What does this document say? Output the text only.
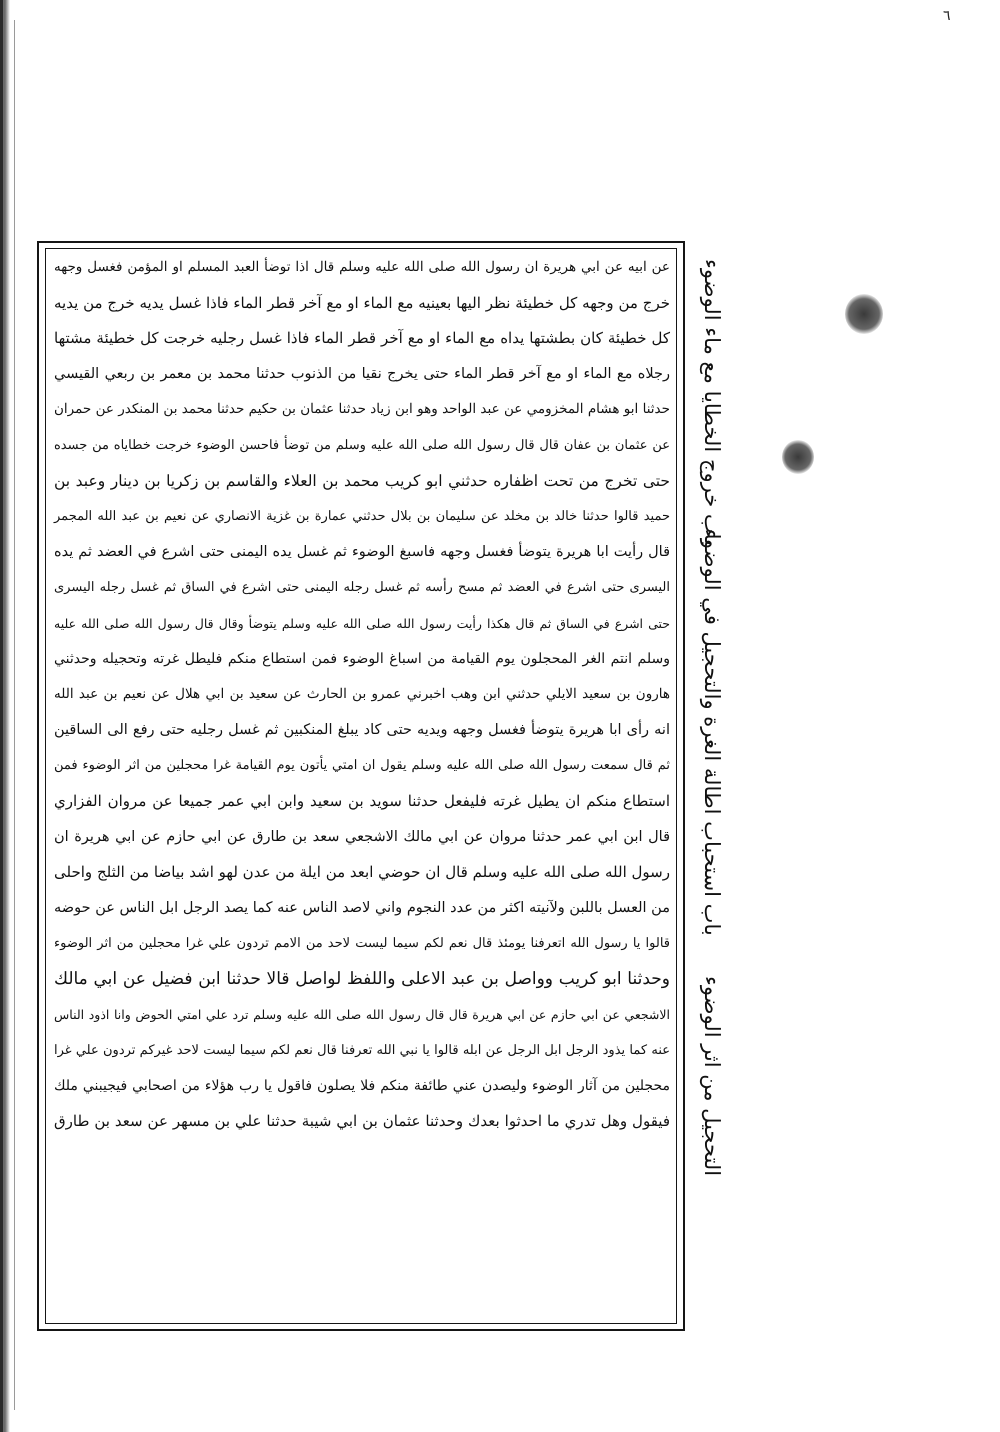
٦
عن ابيه عن ابي هريرة ان رسول الله صلى الله عليه وسلم قال اذا توضأ العبد المسلم او المؤمن فغسل وجهه
خرج من وجهه كل خطيئة نظر اليها بعينيه مع الماء او مع آخر قطر الماء فاذا غسل يديه خرج من يديه
كل خطيئة كان بطشتها يداه مع الماء او مع آخر قطر الماء فاذا غسل رجليه خرجت كل خطيئة مشتها
رجلاه مع الماء او مع آخر قطر الماء حتى يخرج نقيا من الذنوب حدثنا محمد بن معمر بن ربعي القيسي
حدثنا ابو هشام المخزومي عن عبد الواحد وهو ابن زياد حدثنا عثمان بن حكيم حدثنا محمد بن المنكدر عن حمران
عن عثمان بن عفان قال قال رسول الله صلى الله عليه وسلم من توضأ فاحسن الوضوء خرجت خطاياه من جسده
حتى تخرج من تحت اظفاره حدثني ابو كريب محمد بن العلاء والقاسم بن زكريا بن دينار وعبد بن
حميد قالوا حدثنا خالد بن مخلد عن سليمان بن بلال حدثني عمارة بن غزية الانصاري عن نعيم بن عبد الله المجمر
قال رأيت ابا هريرة يتوضأ فغسل وجهه فاسبغ الوضوء ثم غسل يده اليمنى حتى اشرع في العضد ثم يده
اليسرى حتى اشرع في العضد ثم مسح رأسه ثم غسل رجله اليمنى حتى اشرع في الساق ثم غسل رجله اليسرى
حتى اشرع في الساق ثم قال هكذا رأيت رسول الله صلى الله عليه وسلم يتوضأ وقال قال رسول الله صلى الله عليه
وسلم انتم الغر المحجلون يوم القيامة من اسباغ الوضوء فمن استطاع منكم فليطل غرته وتحجيله وحدثني
هارون بن سعيد الايلي حدثني ابن وهب اخبرني عمرو بن الحارث عن سعيد بن ابي هلال عن نعيم بن عبد الله
انه رأى ابا هريرة يتوضأ فغسل وجهه ويديه حتى كاد يبلغ المنكبين ثم غسل رجليه حتى رفع الى الساقين
ثم قال سمعت رسول الله صلى الله عليه وسلم يقول ان امتي يأتون يوم القيامة غرا محجلين من اثر الوضوء فمن
استطاع منكم ان يطيل غرته فليفعل حدثنا سويد بن سعيد وابن ابي عمر جميعا عن مروان الفزاري
قال ابن ابي عمر حدثنا مروان عن ابي مالك الاشجعي سعد بن طارق عن ابي حازم عن ابي هريرة ان
رسول الله صلى الله عليه وسلم قال ان حوضي ابعد من ايلة من عدن لهو اشد بياضا من الثلج واحلى
من العسل باللبن ولآنيته اكثر من عدد النجوم واني لاصد الناس عنه كما يصد الرجل ابل الناس عن حوضه
قالوا يا رسول الله اتعرفنا يومئذ قال نعم لكم سيما ليست لاحد من الامم تردون علي غرا محجلين من اثر الوضوء
وحدثنا ابو كريب وواصل بن عبد الاعلى واللفظ لواصل قالا حدثنا ابن فضيل عن ابي مالك
الاشجعي عن ابي حازم عن ابي هريرة قال قال رسول الله صلى الله عليه وسلم ترد علي امتي الحوض وانا اذود الناس
عنه كما يذود الرجل ابل الرجل عن ابله قالوا يا نبي الله تعرفنا قال نعم لكم سيما ليست لاحد غيركم تردون علي غرا
محجلين من آثار الوضوء وليصدن عني طائفة منكم فلا يصلون فاقول يا رب هؤلاء من اصحابي فيجيبني ملك
فيقول وهل تدري ما احدثوا بعدك وحدثنا عثمان بن ابي شيبة حدثنا علي بن مسهر عن سعد بن طارق
باب خروج الخطايا مع ماء الوضوء
باب استحباب اطالة الغرة والتحجيل في الوضوء
التحجيل من اثر الوضوء
